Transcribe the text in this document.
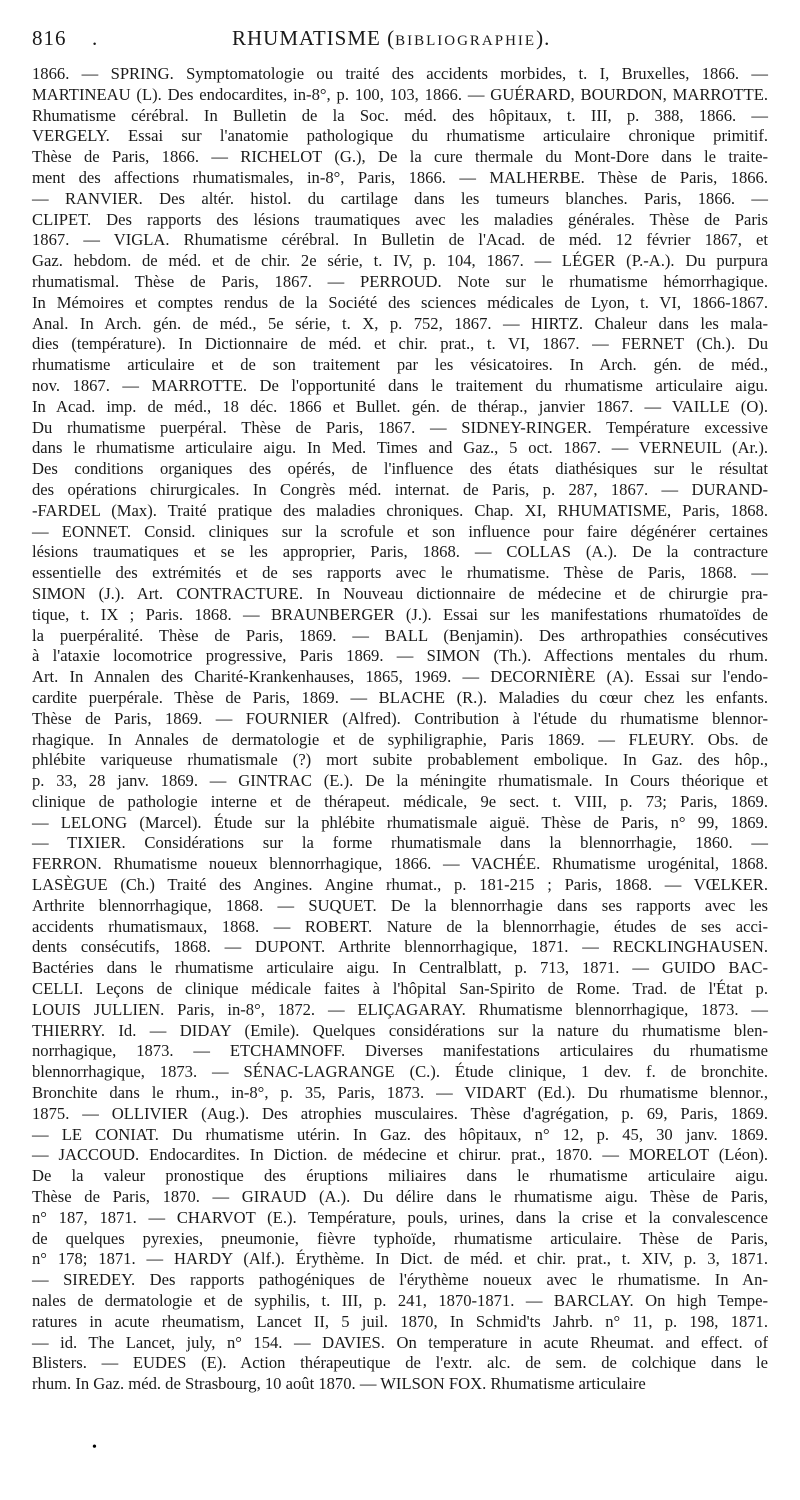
816	.	RHUMATISME (BIBLIOGRAPHIE).
1866. — SPRING. Symptomatologie ou traité des accidents morbides, t. I, Bruxelles, 1866. —
MARTINEAU (L). Des endocardites, in-8°, p. 100, 103, 1866. — GUÉRARD, BOURDON, MARROTTE.
Rhumatisme cérébral. In Bulletin de la Soc. méd. des hôpitaux, t. III, p. 388, 1866. —
VERGELY. Essai sur l'anatomie pathologique du rhumatisme articulaire chronique primitif.
Thèse de Paris, 1866. — RICHELOT (G.), De la cure thermale du Mont-Dore dans le traite-
ment des affections rhumatismales, in-8°, Paris, 1866. — MALHERBE. Thèse de Paris, 1866.
— RANVIER. Des altér. histol. du cartilage dans les tumeurs blanches. Paris, 1866. —
CLIPET. Des rapports des lésions traumatiques avec les maladies générales. Thèse de Paris
1867. — VIGLA. Rhumatisme cérébral. In Bulletin de l'Acad. de méd. 12 février 1867, et
Gaz. hebdom. de méd. et de chir. 2e série, t. IV, p. 104, 1867. — LÉGER (P.-A.). Du purpura
rhumatismal. Thèse de Paris, 1867. — PERROUD. Note sur le rhumatisme hémorrhagique.
In Mémoires et comptes rendus de la Société des sciences médicales de Lyon, t. VI, 1866-1867.
Anal. In Arch. gén. de méd., 5e série, t. X, p. 752, 1867. — HIRTZ. Chaleur dans les mala-
dies (température). In Dictionnaire de méd. et chir. prat., t. VI, 1867. — FERNET (Ch.). Du
rhumatisme articulaire et de son traitement par les vésicatoires. In Arch. gén. de méd.,
nov. 1867. — MARROTTE. De l'opportunité dans le traitement du rhumatisme articulaire aigu.
In Acad. imp. de méd., 18 déc. 1866 et Bullet. gén. de thérap., janvier 1867. — VAILLE (O).
Du rhumatisme puerpéral. Thèse de Paris, 1867. — SIDNEY-RINGER. Température excessive
dans le rhumatisme articulaire aigu. In Med. Times and Gaz., 5 oct. 1867. — VERNEUIL (Ar.).
Des conditions organiques des opérés, de l'influence des états diathésiques sur le résultat
des opérations chirurgicales. In Congrès méd. internat. de Paris, p. 287, 1867. — DURAND-
-FARDEL (Max). Traité pratique des maladies chroniques. Chap. XI, RHUMATISME, Paris, 1868.
— EONNET. Consid. cliniques sur la scrofule et son influence pour faire dégénérer certaines
lésions traumatiques et se les approprier, Paris, 1868. — COLLAS (A.). De la contracture
essentielle des extrémités et de ses rapports avec le rhumatisme. Thèse de Paris, 1868. —
SIMON (J.). Art. CONTRACTURE. In Nouveau dictionnaire de médecine et de chirurgie pra-
tique, t. IX ; Paris. 1868. — BRAUNBERGER (J.). Essai sur les manifestations rhumatoïdes de
la puerpéralité. Thèse de Paris, 1869. — BALL (Benjamin). Des arthropathies consécutives
à l'ataxie locomotrice progressive, Paris 1869. — SIMON (Th.). Affections mentales du rhum.
Art. In Annalen des Charité-Krankenhauses, 1865, 1969. — DECORNIÈRE (A). Essai sur l'endo-
cardite puerpérale. Thèse de Paris, 1869. — BLACHE (R.). Maladies du cœur chez les enfants.
Thèse de Paris, 1869. — FOURNIER (Alfred). Contribution à l'étude du rhumatisme blennor-
rhagique. In Annales de dermatologie et de syphiligraphie, Paris 1869. — FLEURY. Obs. de
phlébite variqueuse rhumatismale (?) mort subite probablement embolique. In Gaz. des hôp.,
p. 33, 28 janv. 1869. — GINTRAC (E.). De la méningite rhumatismale. In Cours théorique et
clinique de pathologie interne et de thérapeut. médicale, 9e sect. t. VIII, p. 73; Paris, 1869.
— LELONG (Marcel). Étude sur la phlébite rhumatismale aiguë. Thèse de Paris, n° 99, 1869.
— TIXIER. Considérations sur la forme rhumatismale dans la blennorrhagie, 1860. —
FERRON. Rhumatisme noueux blennorrhagique, 1866. — VACHÉE. Rhumatisme urogénital, 1868.
LASÈGUE (Ch.) Traité des Angines. Angine rhumat., p. 181-215 ; Paris, 1868. — VŒLKER.
Arthrite blennorrhagique, 1868. — SUQUET. De la blennorrhagie dans ses rapports avec les
accidents rhumatismaux, 1868. — ROBERT. Nature de la blennorrhagie, études de ses acci-
dents consécutifs, 1868. — DUPONT. Arthrite blennorrhagique, 1871. — RECKLINGHAUSEN.
Bactéries dans le rhumatisme articulaire aigu. In Centralblatt, p. 713, 1871. — GUIDO BAC-
CELLI. Leçons de clinique médicale faites à l'hôpital San-Spirito de Rome. Trad. de l'État p.
LOUIS JULLIEN. Paris, in-8°, 1872. — ELIÇAGARAY. Rhumatisme blennorrhagique, 1873. —
THIERRY. Id. — DIDAY (Emile). Quelques considérations sur la nature du rhumatisme blen-
norrhagique, 1873. — ETCHAMNOFF. Diverses manifestations articulaires du rhumatisme
blennorrhagique, 1873. — SÉNAC-LAGRANGE (C.). Étude clinique, 1 dev. f. de bronchite.
Bronchite dans le rhum., in-8°, p. 35, Paris, 1873. — VIDART (Ed.). Du rhumatisme blennor.,
1875. — OLLIVIER (Aug.). Des atrophies musculaires. Thèse d'agrégation, p. 69, Paris, 1869.
— LE CONIAT. Du rhumatisme utérin. In Gaz. des hôpitaux, n° 12, p. 45, 30 janv. 1869.
— JACCOUD. Endocardites. In Diction. de médecine et chirur. prat., 1870. — MORELOT (Léon).
De la valeur pronostique des éruptions miliaires dans le rhumatisme articulaire aigu.
Thèse de Paris, 1870. — GIRAUD (A.). Du délire dans le rhumatisme aigu. Thèse de Paris,
n° 187, 1871. — CHARVOT (E.). Température, pouls, urines, dans la crise et la convalescence
de quelques pyrexies, pneumonie, fièvre typhoïde, rhumatisme articulaire. Thèse de Paris,
n° 178; 1871. — HARDY (Alf.). Érythème. In Dict. de méd. et chir. prat., t. XIV, p. 3, 1871.
— SIREDEY. Des rapports pathogéniques de l'érythème noueux avec le rhumatisme. In An-
nales de dermatologie et de syphilis, t. III, p. 241, 1870-1871. — BARCLAY. On high Tempe-
ratures in acute rheumatism, Lancet II, 5 juil. 1870, In Schmid'ts Jahrb. n° 11, p. 198, 1871.
— id. The Lancet, july, n° 154. — DAVIES. On temperature in acute Rheumat. and effect. of
Blisters. — EUDES (E). Action thérapeutique de l'extr. alc. de sem. de colchique dans le
rhum. In Gaz. méd. de Strasbourg, 10 août 1870. — WILSON FOX. Rhumatisme articulaire
•
